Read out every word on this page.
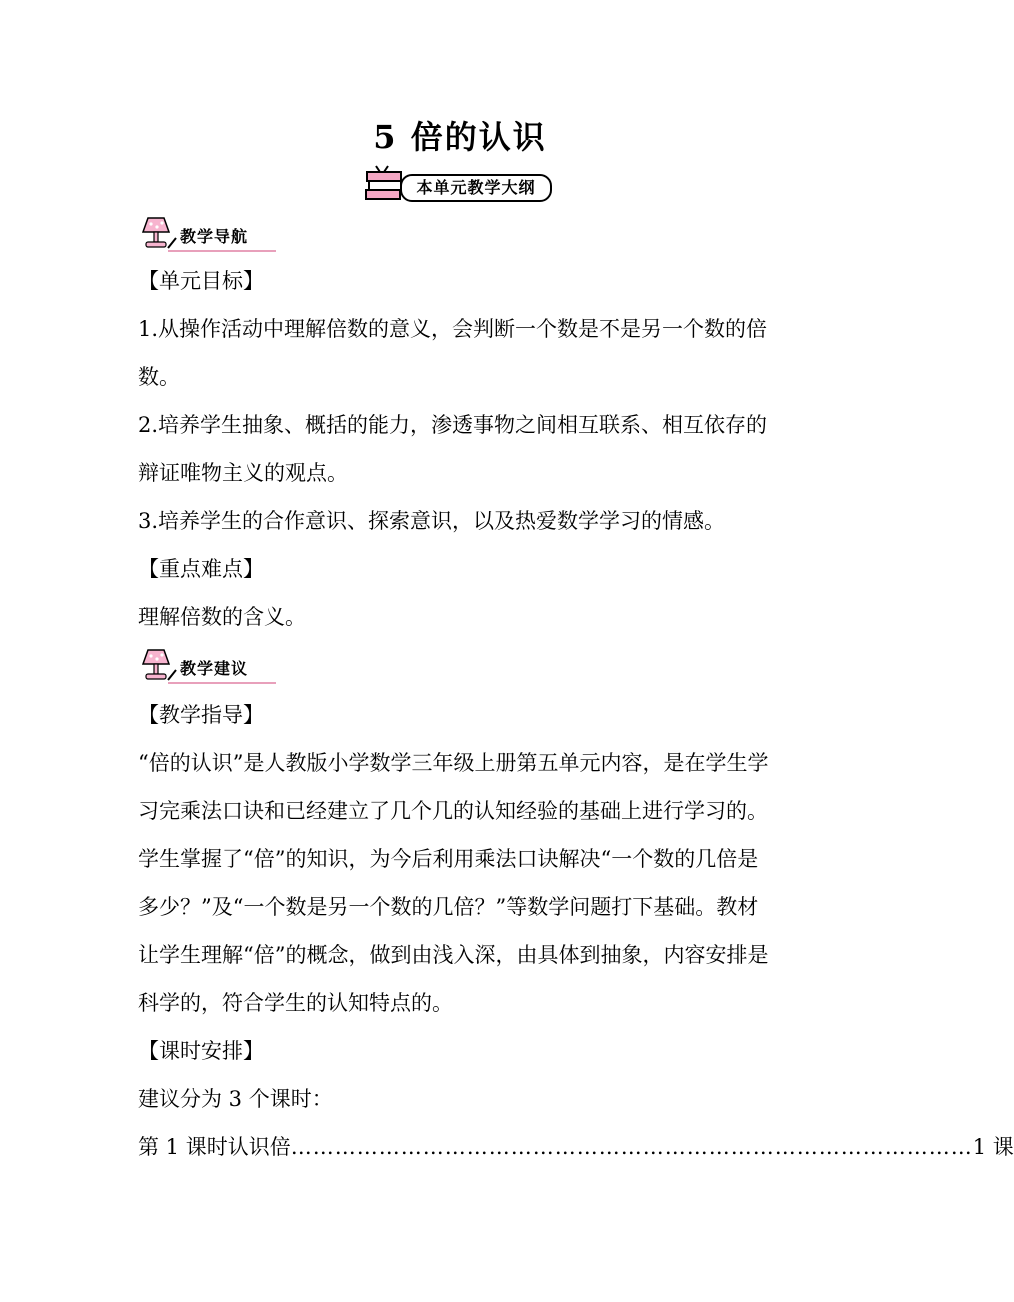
5 倍的认识
本单元教学大纲
教学导航
教学建议

【单元目标】

1.从操作活动中理解倍数的意义，会判断一个数是不是另一个数的倍

数。

2.培养学生抽象、概括的能力，渗透事物之间相互联系、相互依存的

辩证唯物主义的观点。

3.培养学生的合作意识、探索意识，以及热爱数学学习的情感。

【重点难点】

理解倍数的含义。

【教学指导】

“倍的认识”是人教版小学数学三年级上册第五单元内容，是在学生学

习完乘法口诀和已经建立了几个几的认知经验的基础上进行学习的。

学生掌握了“倍”的知识，为今后利用乘法口诀解决“一个数的几倍是

多少？”及“一个数是另一个数的几倍？”等数学问题打下基础。教材

让学生理解“倍”的概念，做到由浅入深，由具体到抽象，内容安排是

科学的，符合学生的认知特点的。

【课时安排】

建议分为 3 个课时：

第 1 课时认识倍 ………………………………………………………………………………… 1 课
